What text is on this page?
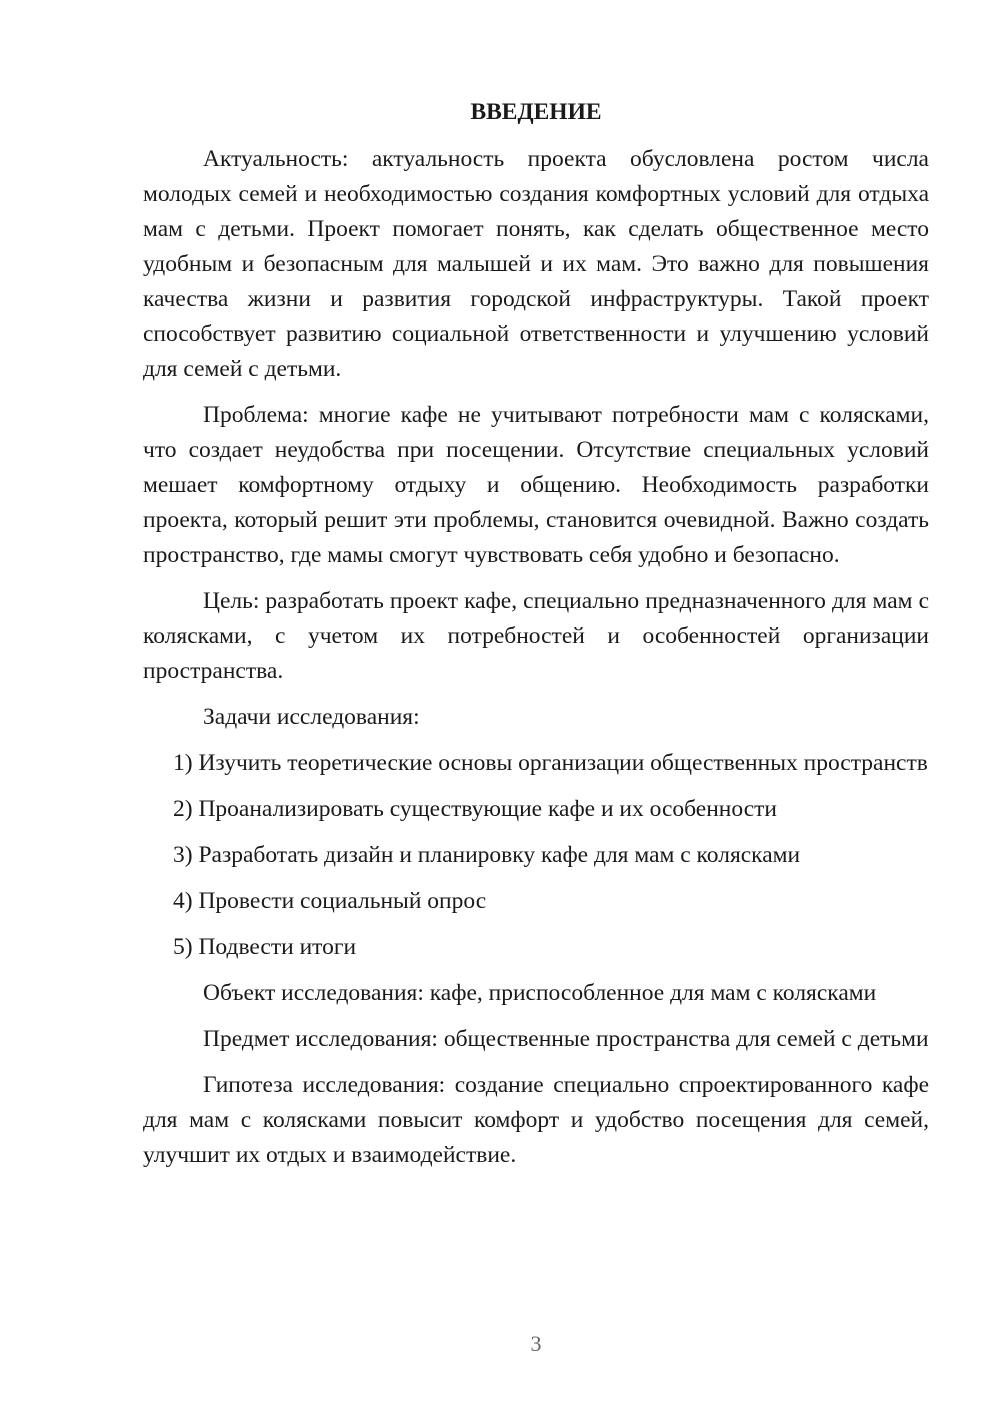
ВВЕДЕНИЕ

Актуальность: актуальность проекта обусловлена ростом числа молодых семей и необходимостью создания комфортных условий для отдыха мам с детьми. Проект помогает понять, как сделать общественное место удобным и безопасным для малышей и их мам. Это важно для повышения качества жизни и развития городской инфраструктуры. Такой проект способствует развитию социальной ответственности и улучшению условий для семей с детьми.

Проблема: многие кафе не учитывают потребности мам с колясками, что создает неудобства при посещении. Отсутствие специальных условий мешает комфортному отдыху и общению. Необходимость разработки проекта, который решит эти проблемы, становится очевидной. Важно создать пространство, где мамы смогут чувствовать себя удобно и безопасно.

Цель: разработать проект кафе, специально предназначенного для мам с колясками, с учетом их потребностей и особенностей организации пространства.

Задачи исследования:

1) Изучить теоретические основы организации общественных пространств

2) Проанализировать существующие кафе и их особенности

3) Разработать дизайн и планировку кафе для мам с колясками

4) Провести социальный опрос

5) Подвести итоги

Объект исследования: кафе, приспособленное для мам с колясками

Предмет исследования: общественные пространства для семей с детьми

Гипотеза исследования: создание специально спроектированного кафе для мам с колясками повысит комфорт и удобство посещения для семей, улучшит их отдых и взаимодействие.

3
